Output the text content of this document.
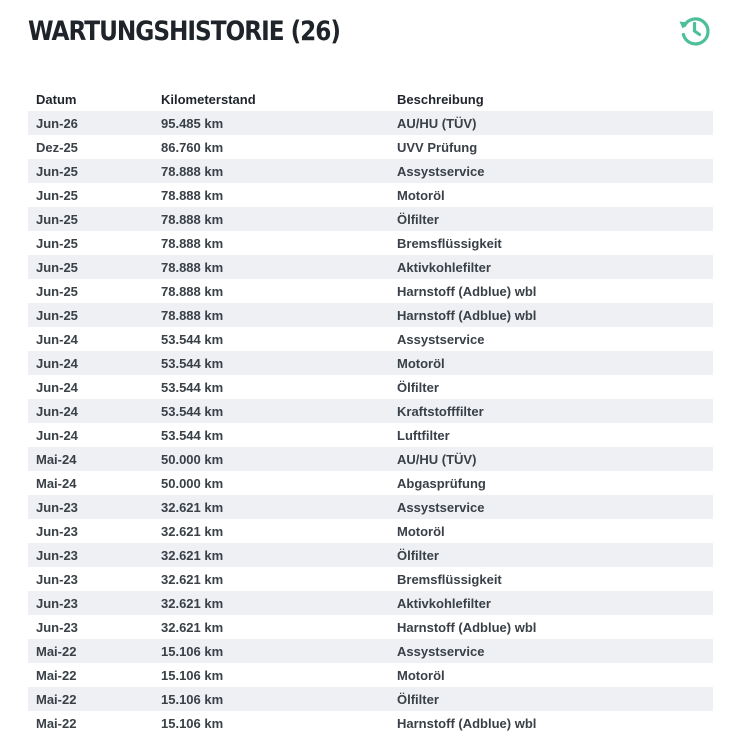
WARTUNGSHISTORIE (26)
Datum	Kilometerstand	Beschreibung
Jun-26	95.485 km	AU/HU (TÜV)
Dez-25	86.760 km	UVV Prüfung
Jun-25	78.888 km	Assystservice
Jun-25	78.888 km	Motoröl
Jun-25	78.888 km	Ölfilter
Jun-25	78.888 km	Bremsflüssigkeit
Jun-25	78.888 km	Aktivkohlefilter
Jun-25	78.888 km	Harnstoff (Adblue) wbl
Jun-25	78.888 km	Harnstoff (Adblue) wbl
Jun-24	53.544 km	Assystservice
Jun-24	53.544 km	Motoröl
Jun-24	53.544 km	Ölfilter
Jun-24	53.544 km	Kraftstofffilter
Jun-24	53.544 km	Luftfilter
Mai-24	50.000 km	AU/HU (TÜV)
Mai-24	50.000 km	Abgasprüfung
Jun-23	32.621 km	Assystservice
Jun-23	32.621 km	Motoröl
Jun-23	32.621 km	Ölfilter
Jun-23	32.621 km	Bremsflüssigkeit
Jun-23	32.621 km	Aktivkohlefilter
Jun-23	32.621 km	Harnstoff (Adblue) wbl
Mai-22	15.106 km	Assystservice
Mai-22	15.106 km	Motoröl
Mai-22	15.106 km	Ölfilter
Mai-22	15.106 km	Harnstoff (Adblue) wbl
